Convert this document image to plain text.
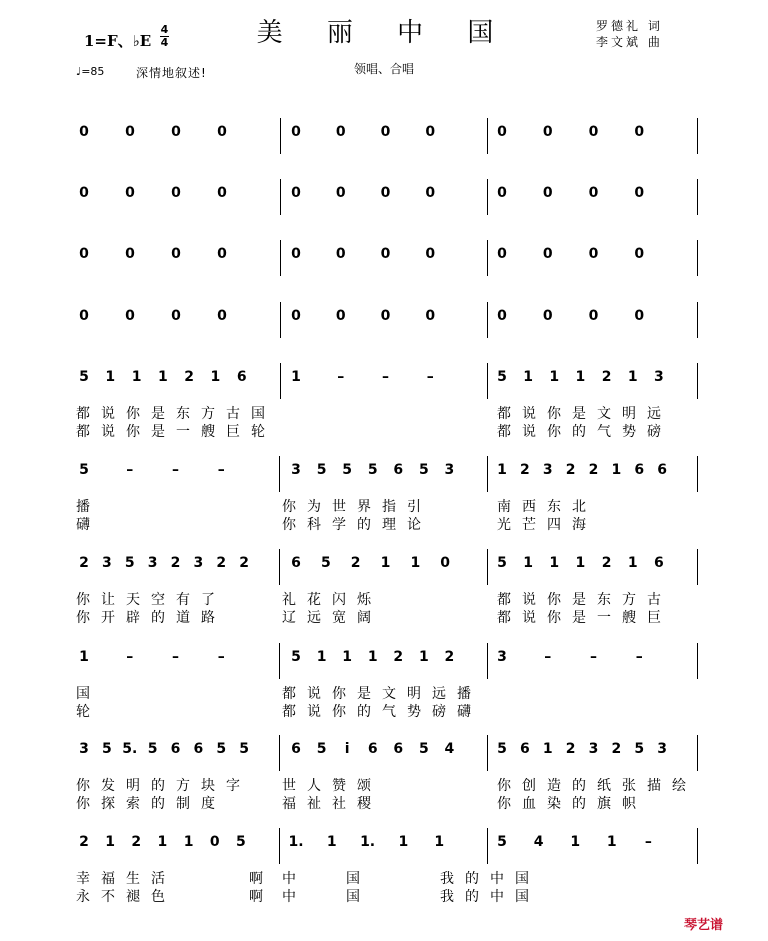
美 丽 中 国
1=F、♭E
4
4
罗德礼 词
李文斌 曲
♩=85	深情地叙述!	领唱、合唱
0	0	0	0	0	0	0	0	0	0	0	0
0	0	0	0	0	0	0	0	0	0	0	0
0	0	0	0	0	0	0	0	0	0	0	0
0	0	0	0	0	0	0	0	0	0	0	0
5 1 1 1 2 1 6	1	–	–	–	5 1 1 1 2 1 3
都说你是东方古国	都说你是文明远
都说你是一艘巨轮	都说你的气势磅
5	–	–	–	3 5 5 5 6 5 3	1 2 3 2 2 1 6 6
播	你为世界指引	南西东北
礴	你科学的理论	光芒四海
2 3 5 3 2 3 2 2	6 5 2 1 1 0	5 1 1 1 2 1 6
你让天空有了	礼花闪烁	都说你是东方古
你开辟的道路	辽远宽阔	都说你是一艘巨
1	–	–	–	5 1 1 1 2 1 2	3	–	–	–
国	都说你是文明远播
轮	都说你的气势磅礴
3 5 5. 5 6 6 5 5	6 5	i	6 6 5 4	5 6 1 2 3 2 5 3
你发明的方块字 世人赞颂	你创造的纸张描绘
你探索的制度	福祉社稷	你血染的旗帜
2 1 2 1 1 0 5	1. 1 1. 1 1	5 4 1 1	–
幸福生活	啊 中	国	我的中国
永不褪色	啊 中	国	我的中国
琴艺谱
